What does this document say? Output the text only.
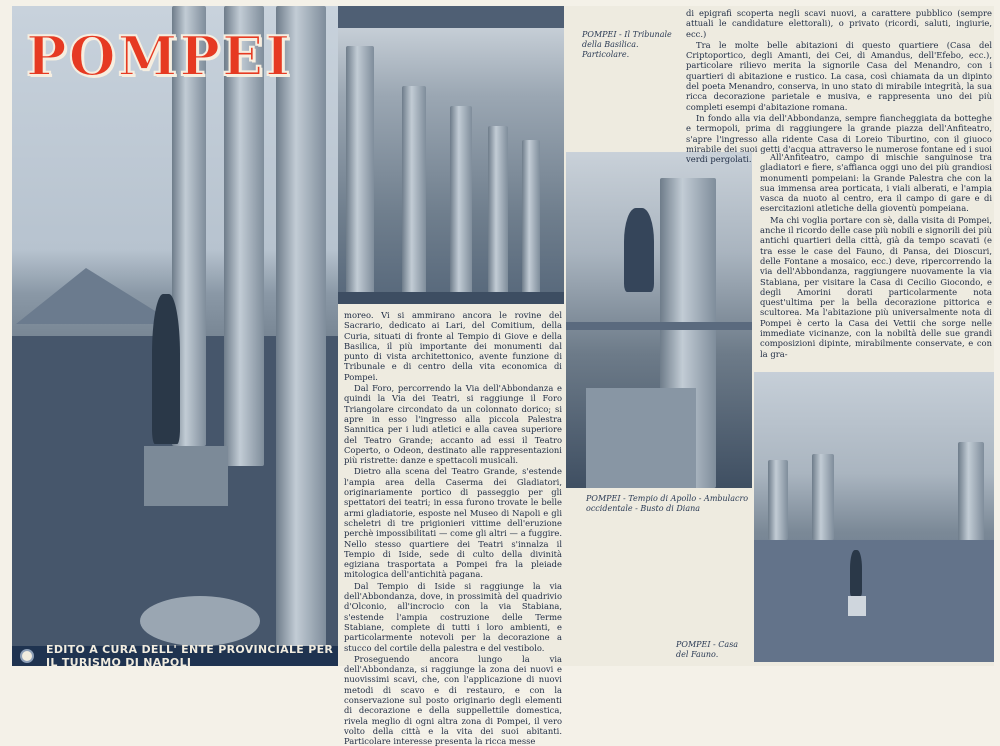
POMPEI
EDITO A CURA DELL' ENTE PROVINCIALE PER IL TURISMO DI NAPOLI
POMPEI - Il Tribunale della Basilica. Particolare.

moreo. Vi si ammirano ancora le rovine del Sacrario, dedicato ai Lari, del Comitium, della Curia, situati di fronte al Tempio di Giove e della Basilica, il più importante dei monumenti dal punto di vista architettonico, avente funzione di Tribunale e di centro della vita economica di Pompei.

Dal Foro, percorrendo la Via dell'Abbondanza e quindi la Via dei Teatri, si raggiunge il Foro Triangolare circondato da un colonnato dorico; si apre in esso l'ingresso alla piccola Palestra Sannitica per i ludi atletici e alla cavea superiore del Teatro Grande; accanto ad essi il Teatro Coperto, o Odeon, destinato alle rappresentazioni più ristrette: danze e spettacoli musicali.

Dietro alla scena del Teatro Grande, s'estende l'ampia area della Caserma dei Gladiatori, originariamente portico di passeggio per gli spettatori dei teatri; in essa furono trovate le belle armi gladiatorie, esposte nel Museo di Napoli e gli scheletri di tre prigionieri vittime dell'eruzione perchè impossibilitati — come gli altri — a fuggire. Nello stesso quartiere dei Teatri s'innalza il Tempio di Iside, sede di culto della divinità egiziana trasportata a Pompei fra la pleiade mitologica dell'antichità pagana.

Dal Tempio di Iside si raggiunge la via dell'Abbondanza, dove, in prossimità del quadrivio d'Olconio, all'incrocio con la via Stabiana, s'estende l'ampia costruzione delle Terme Stabiane, complete di tutti i loro ambienti, e particolarmente notevoli per la decorazione a stucco del cortile della palestra e del vestibolo.

Proseguendo ancora lungo la via dell'Abbondanza, si raggiunge la zona dei nuovi e nuovissimi scavi, che, con l'applicazione di nuovi metodi di scavo e di restauro, e con la conservazione sul posto originario degli elementi di decorazione e della suppellettile domestica, rivela meglio di ogni altra zona di Pompei, il vero volto della città e la vita dei suoi abitanti. Particolare interesse presenta la ricca messe

POMPEI - Tempio di Apollo - Ambulacro occidentale - Busto di Diana

di epigrafi scoperta negli scavi nuovi, a carattere pubblico (sempre attuali le candidature elettorali), o privato (ricordi, saluti, ingiurie, ecc.)

Tra le molte belle abitazioni di questo quartiere (Casa del Criptoportico, degli Amanti, dei Cei, di Amandus, dell'Efebo, ecc.), particolare rilievo merita la signorile Casa del Menandro, con i quartieri di abitazione e rustico. La casa, così chiamata da un dipinto del poeta Menandro, conserva, in uno stato di mirabile integrità, la sua ricca decorazione parietale e musiva, e rappresenta uno dei più completi esempi d'abitazione romana.

In fondo alla via dell'Abbondanza, sempre fiancheggiata da botteghe e termopoli, prima di raggiungere la grande piazza dell'Anfiteatro, s'apre l'ingresso alla ridente Casa di Loreio Tiburtino, con il giuoco mirabile dei suoi getti d'acqua attraverso le numerose fontane ed i suoi verdi pergolati.	All'Anfiteatro, campo di mischie sanguinose tra gladiatori e fiere, s'affianca oggi uno dei più grandiosi monumenti pompeiani: la Grande Palestra che con la sua immensa area porticata, i viali alberati, e l'ampia vasca da nuoto al centro, era il campo di gare e di esercitazioni atletiche della gioventù pompeiana.

Ma chi voglia portare con sè, dalla visita di Pompei, anche il ricordo delle case più nobili e signorili dei più antichi quartieri della città, già da tempo scavati (e tra esse le case del Fauno, di Pansa, dei Dioscuri, delle Fontane a mosaico, ecc.) deve, ripercorrendo la via dell'Abbondanza, raggiungere nuovamente la via Stabiana, per visitare la Casa di Cecilio Giocondo, e degli Amorini dorati particolarmente nota quest'ultima per la bella decorazione pittorica e scultorea. Ma l'abitazione più universalmente nota di Pompei è certo la Casa dei Vettii che sorge nelle immediate vicinanze, con la nobiltà delle sue grandi composizioni dipinte, mirabilmente conservate, e con la gra-

POMPEI - Casa del Fauno.
